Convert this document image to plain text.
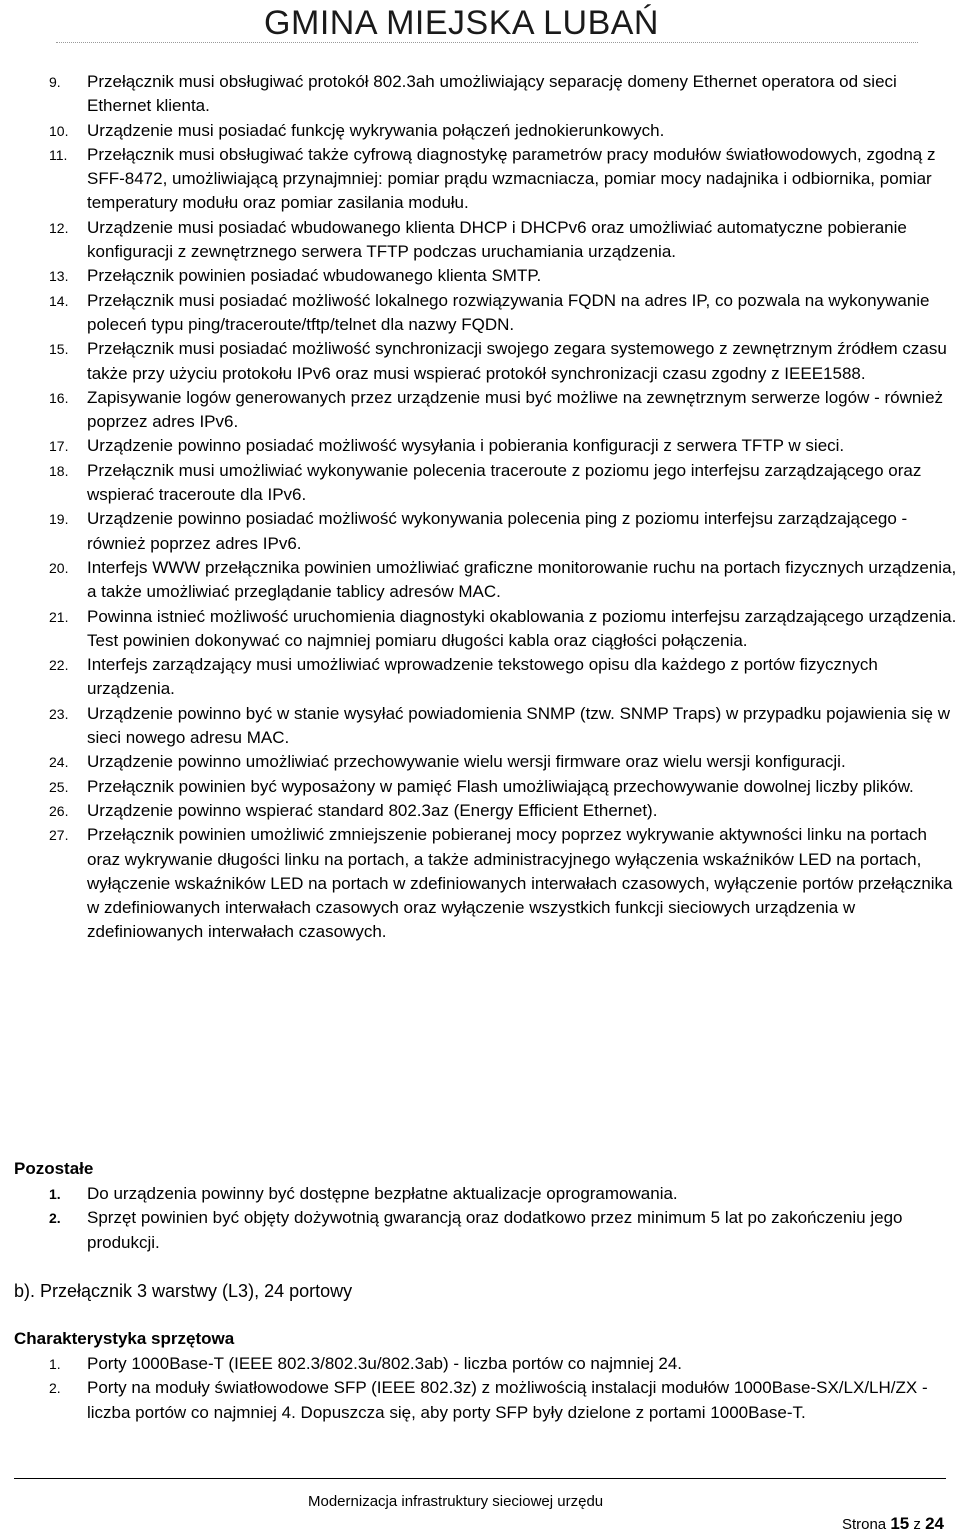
GMINA MIEJSKA LUBAŃ
9. Przełącznik musi obsługiwać protokół 802.3ah umożliwiający separację domeny Ethernet operatora od sieci Ethernet klienta.
10. Urządzenie musi posiadać funkcję wykrywania połączeń jednokierunkowych.
11. Przełącznik musi obsługiwać także cyfrową diagnostykę parametrów pracy modułów światłowodowych, zgodną z SFF-8472, umożliwiającą przynajmniej: pomiar prądu wzmacniacza, pomiar mocy nadajnika i odbiornika, pomiar temperatury modułu oraz pomiar zasilania modułu.
12. Urządzenie musi posiadać wbudowanego klienta DHCP i DHCPv6 oraz umożliwiać automatyczne pobieranie konfiguracji z zewnętrznego serwera TFTP podczas uruchamiania urządzenia.
13. Przełącznik powinien posiadać wbudowanego klienta SMTP.
14. Przełącznik musi posiadać możliwość lokalnego rozwiązywania FQDN na adres IP, co pozwala na wykonywanie poleceń typu ping/traceroute/tftp/telnet dla nazwy FQDN.
15. Przełącznik musi posiadać możliwość synchronizacji swojego zegara systemowego z zewnętrznym źródłem czasu także przy użyciu protokołu IPv6 oraz musi wspierać protokół synchronizacji czasu zgodny z IEEE1588.
16. Zapisywanie logów generowanych przez urządzenie musi być możliwe na zewnętrznym serwerze logów - również poprzez adres IPv6.
17. Urządzenie powinno posiadać możliwość wysyłania i pobierania konfiguracji z serwera TFTP w sieci.
18. Przełącznik musi umożliwiać wykonywanie polecenia traceroute z poziomu jego interfejsu zarządzającego oraz wspierać traceroute dla IPv6.
19. Urządzenie powinno posiadać możliwość wykonywania polecenia ping z poziomu interfejsu zarządzającego - również poprzez adres IPv6.
20. Interfejs WWW przełącznika powinien umożliwiać graficzne monitorowanie ruchu na portach fizycznych urządzenia, a także umożliwiać przeglądanie tablicy adresów MAC.
21. Powinna istnieć możliwość uruchomienia diagnostyki okablowania z poziomu interfejsu zarządzającego urządzenia. Test powinien dokonywać co najmniej pomiaru długości kabla oraz ciągłości połączenia.
22. Interfejs zarządzający musi umożliwiać wprowadzenie tekstowego opisu dla każdego z portów fizycznych urządzenia.
23. Urządzenie powinno być w stanie wysyłać powiadomienia SNMP (tzw. SNMP Traps) w przypadku pojawienia się w sieci nowego adresu MAC.
24. Urządzenie powinno umożliwiać przechowywanie wielu wersji firmware oraz wielu wersji konfiguracji.
25. Przełącznik powinien być wyposażony w pamięć Flash umożliwiającą przechowywanie dowolnej liczby plików.
26. Urządzenie powinno wspierać standard 802.3az (Energy Efficient Ethernet).
27. Przełącznik powinien umożliwić zmniejszenie pobieranej mocy poprzez wykrywanie aktywności linku na portach oraz wykrywanie długości linku na portach, a także administracyjnego wyłączenia wskaźników LED na portach, wyłączenie wskaźników LED na portach w zdefiniowanych interwałach czasowych, wyłączenie portów przełącznika w zdefiniowanych interwałach czasowych oraz wyłączenie wszystkich funkcji sieciowych urządzenia w zdefiniowanych interwałach czasowych.
Pozostałe
1. Do urządzenia powinny być dostępne bezpłatne aktualizacje oprogramowania.
2. Sprzęt powinien być objęty dożywotnią gwarancją oraz dodatkowo przez minimum 5 lat po zakończeniu jego produkcji.
b). Przełącznik 3 warstwy (L3), 24 portowy
Charakterystyka sprzętowa
1. Porty 1000Base-T (IEEE 802.3/802.3u/802.3ab) - liczba portów co najmniej 24.
2. Porty na moduły światłowodowe SFP (IEEE 802.3z) z możliwością instalacji modułów 1000Base-SX/LX/LH/ZX - liczba portów co najmniej 4. Dopuszcza się, aby porty SFP były dzielone z portami 1000Base-T.
Modernizacja infrastruktury sieciowej urzędu
Strona 15 z 24
